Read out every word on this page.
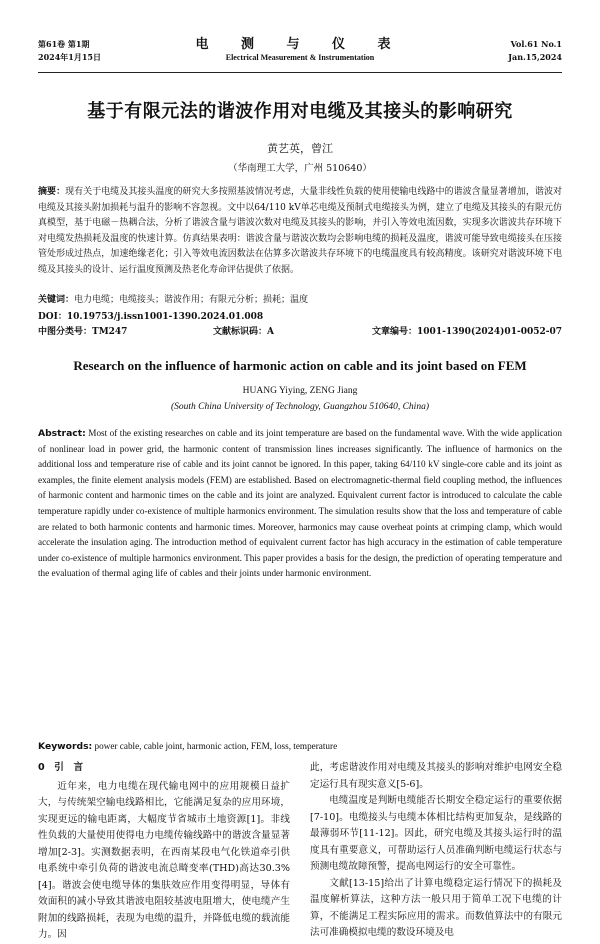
第61卷 第1期
2024年1月15日
电 测 与 仪 表
Electrical Measurement & Instrumentation
Vol.61 No.1
Jan.15,2024
基于有限元法的谐波作用对电缆及其接头的影响研究
黄艺英，曾江
（华南理工大学，广州 510640）
摘要：现有关于电缆及其接头温度的研究大多按照基波情况考虑，大量非线性负载的使用使输电线路中的谐波含量显著增加，谐波对电缆及其接头附加损耗与温升的影响不容忽视。文中以64/110 kV单芯电缆及预制式电缆接头为例，建立了电缆及其接头的有限元仿真模型，基于电磁－热耦合法，分析了谐波含量与谐波次数对电缆及其接头的影响，并引入等效电流因数，实现多次谐波共存环境下对电缆发热损耗及温度的快速计算。仿真结果表明：谐波含量与谐波次数均会影响电缆的损耗及温度，谐波可能导致电缆接头在压接管处形成过热点，加速绝缘老化；引入等效电流因数法在估算多次谐波共存环境下的电缆温度具有较高精度。该研究对谐波环境下电缆及其接头的设计、运行温度预测及热老化寿命评估提供了依据。
关键词：电力电缆；电缆接头；谐波作用；有限元分析；损耗；温度
DOI：10.19753/j.issn1001-1390.2024.01.008
中图分类号：TM247	文献标识码：A	文章编号：1001-1390(2024)01-0052-07
Research on the influence of harmonic action on cable and its joint based on FEM
HUANG Yiying, ZENG Jiang
(South China University of Technology, Guangzhou 510640, China)
Abstract: Most of the existing researches on cable and its joint temperature are based on the fundamental wave. With the wide application of nonlinear load in power grid, the harmonic content of transmission lines increases significantly. The influence of harmonics on the additional loss and temperature rise of cable and its joint cannot be ignored. In this paper, taking 64/110 kV single-core cable and its joint as examples, the finite element analysis models (FEM) are established. Based on electromagnetic-thermal field coupling method, the influences of harmonic content and harmonic times on the cable and its joint are analyzed. Equivalent current factor is introduced to calculate the cable temperature rapidly under co-existence of multiple harmonics environment. The simulation results show that the loss and temperature of cable are related to both harmonic contents and harmonic times. Moreover, harmonics may cause overheat points at crimping clamp, which would accelerate the insulation aging. The introduction method of equivalent current factor has high accuracy in the estimation of cable temperature under co-existence of multiple harmonics environment. This paper provides a basis for the design, the prediction of operating temperature and the evaluation of thermal aging life of cables and their joints under harmonic environment.
Keywords: power cable, cable joint, harmonic action, FEM, loss, temperature
0　引　言
近年来，电力电缆在现代输电网中的应用规模日益扩大，与传统架空输电线路相比，它能满足复杂的应用环境，实现更远的输电距离，大幅度节省城市土地资源[1]。非线性负载的大量使用使得电力电缆传输线路中的谐波含量显著增加[2-3]。实测数据表明，在西南某段电气化铁道牵引供电系统中牵引负荷的谐波电流总畸变率(THD)高达30.3%[4]。谐波会使电缆导体的集肤效应作用变得明显，导体有效面积的减小导致其谐波电阻较基波电阻增大，使电缆产生附加的线路损耗，表现为电缆的温升，并降低电缆的载流能力。因
此，考虑谐波作用对电缆及其接头的影响对维护电网安全稳定运行具有现实意义[5-6]。
电缆温度是判断电缆能否长期安全稳定运行的重要依据[7-10]。电缆接头与电缆本体相比结构更加复杂，是线路的最薄弱环节[11-12]。因此，研究电缆及其接头运行时的温度具有重要意义，可帮助运行人员准确判断电缆运行状态与预测电缆故障预警，提高电网运行的安全可靠性。
文献[13-15]给出了计算电缆稳定运行情况下的损耗及温度解析算法，这种方法一般只用于简单工况下电缆的计算，不能满足工程实际应用的需求。而数值算法中的有限元法可准确模拟电缆的数设环境及电
